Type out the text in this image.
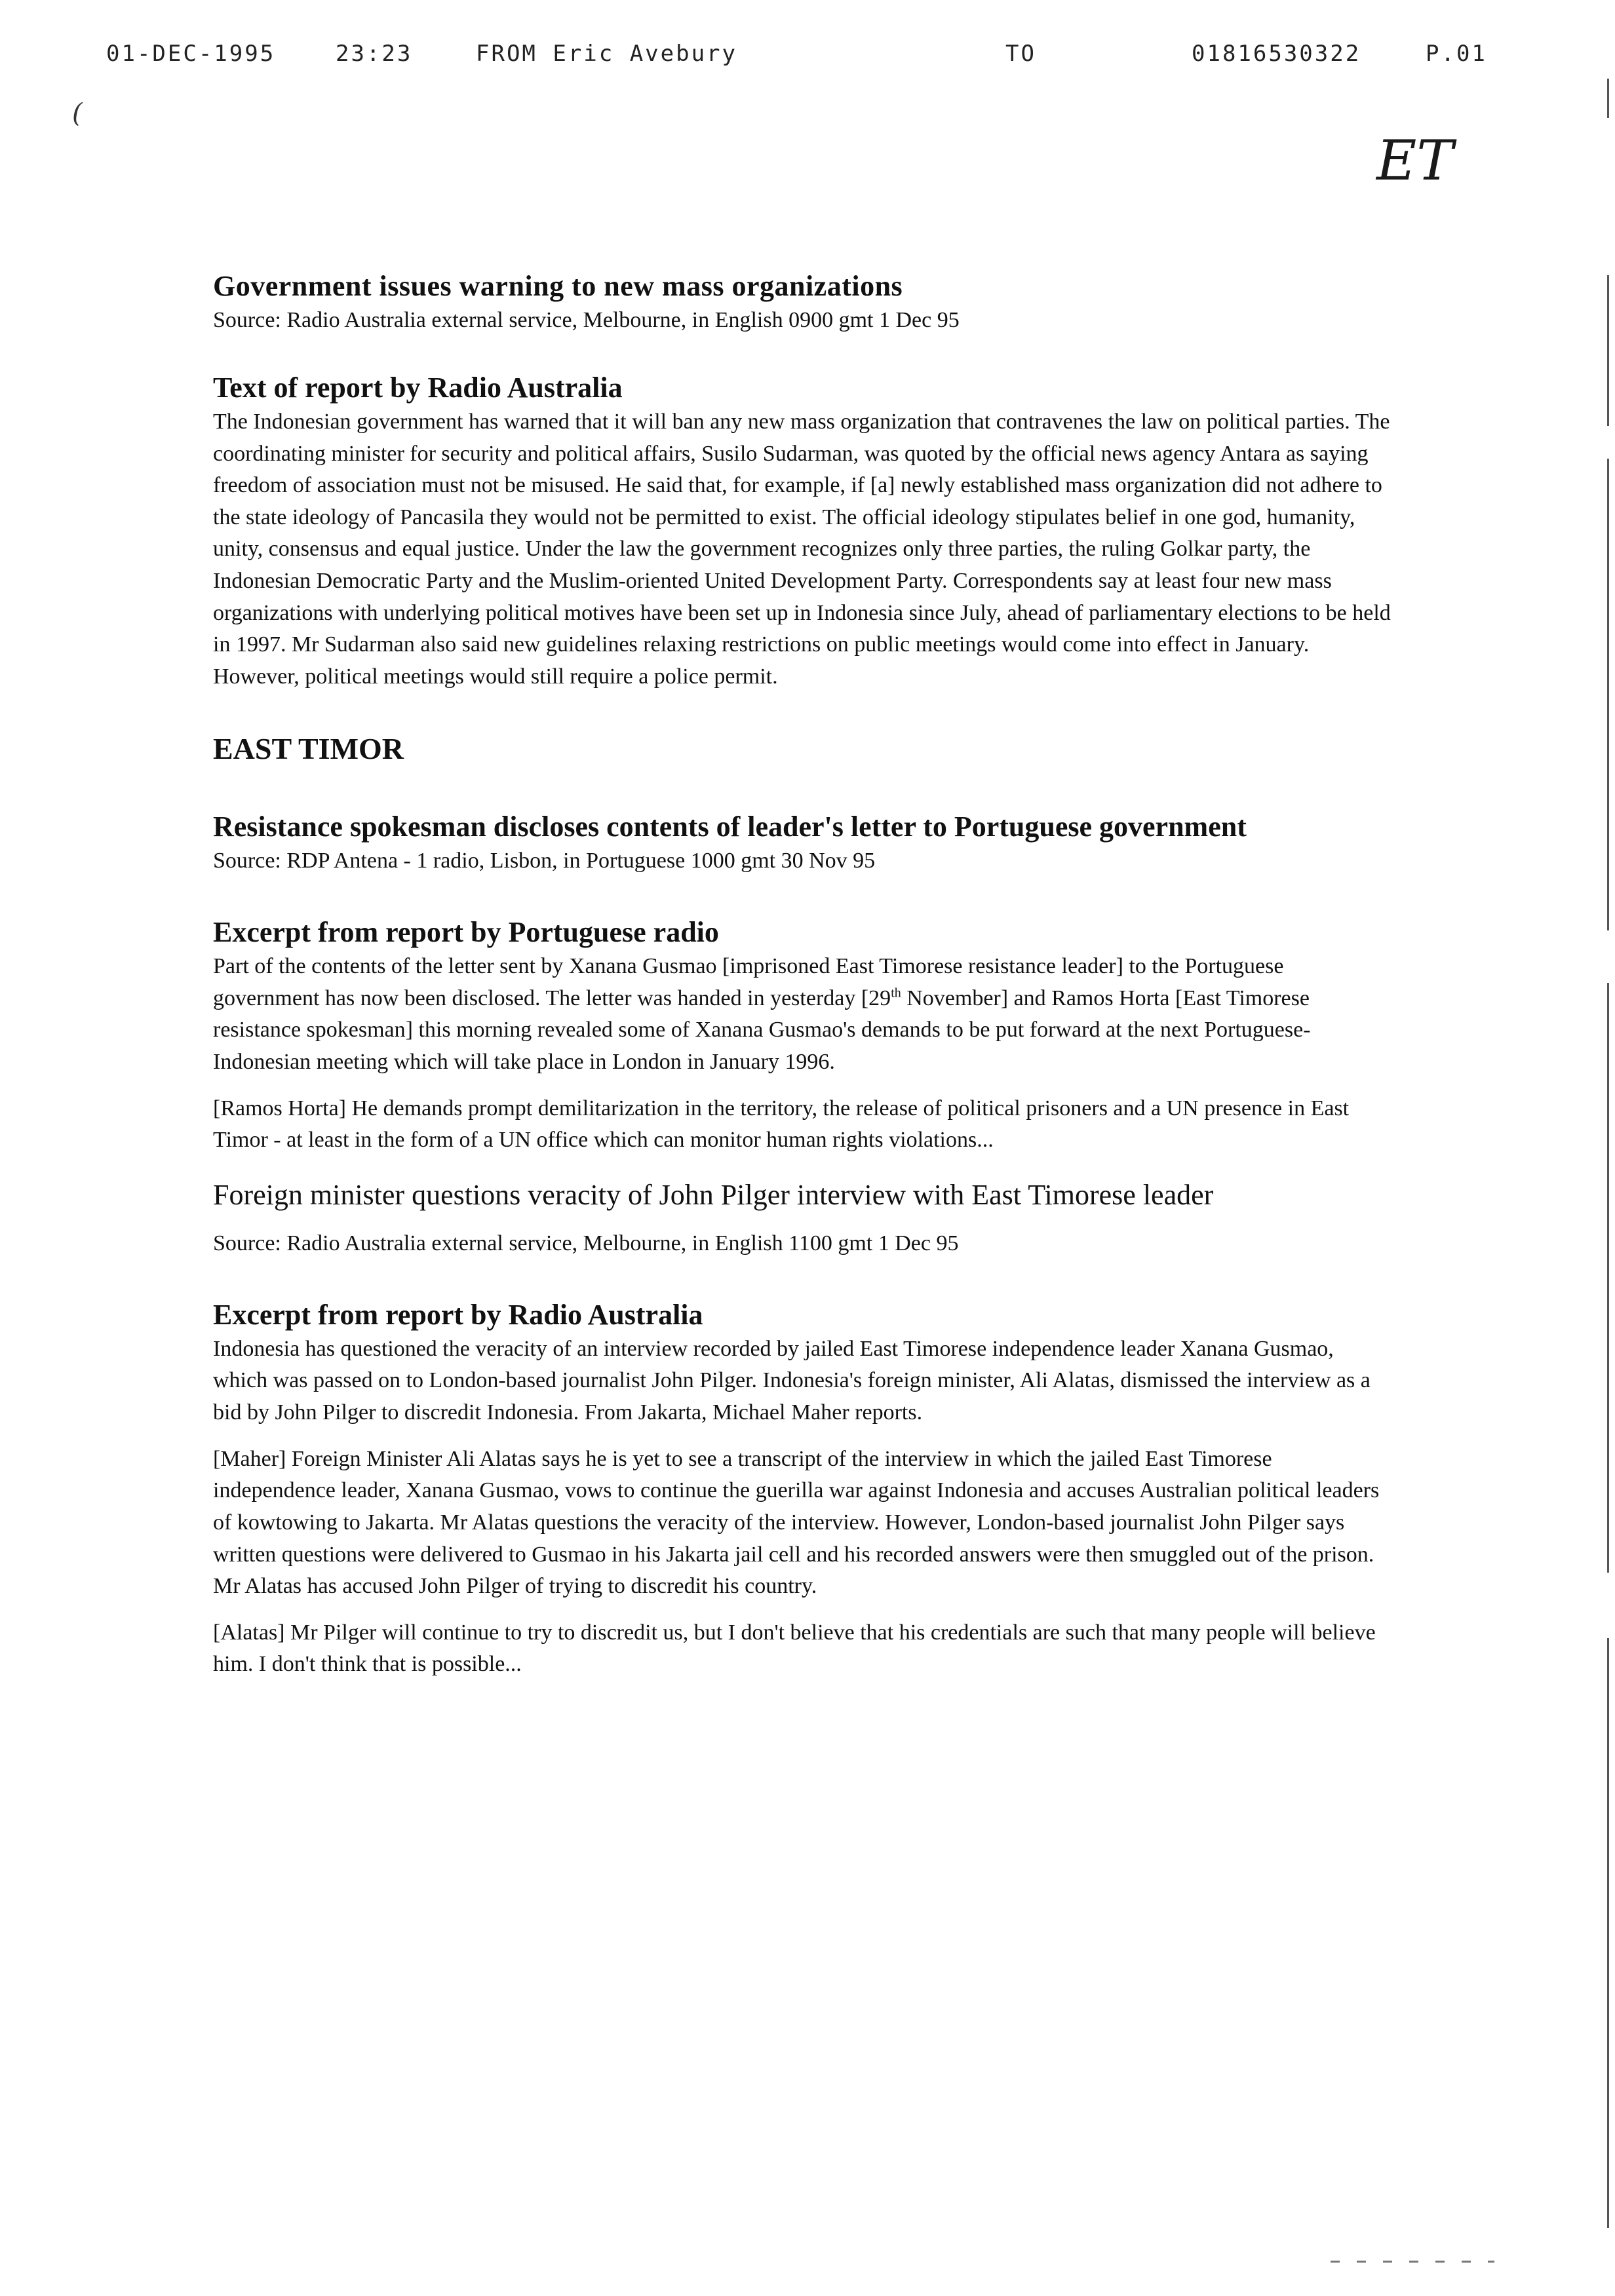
01-DEC-1995	23:23	FROM Eric Avebury	TO	01816530322	P.01
(
ET
Government issues warning to new mass organizations

Source: Radio Australia external service, Melbourne, in English 0900 gmt 1 Dec 95

Text of report by Radio Australia

The Indonesian government has warned that it will ban any new mass organization that contravenes the law on political parties. The coordinating minister for security and political affairs, Susilo Sudarman, was quoted by the official news agency Antara as saying freedom of association must not be misused. He said that, for example, if [a] newly established mass organization did not adhere to the state ideology of Pancasila they would not be permitted to exist. The official ideology stipulates belief in one god, humanity, unity, consensus and equal justice. Under the law the government recognizes only three parties, the ruling Golkar party, the Indonesian Democratic Party and the Muslim-oriented United Development Party. Correspondents say at least four new mass organizations with underlying political motives have been set up in Indonesia since July, ahead of parliamentary elections to be held in 1997. Mr Sudarman also said new guidelines relaxing restrictions on public meetings would come into effect in January. However, political meetings would still require a police permit.

EAST TIMOR
Resistance spokesman discloses contents of leader's letter to Portuguese government

Source: RDP Antena - 1 radio, Lisbon, in Portuguese 1000 gmt 30 Nov 95

Excerpt from report by Portuguese radio

Part of the contents of the letter sent by Xanana Gusmao [imprisoned East Timorese resistance leader] to the Portuguese government has now been disclosed. The letter was handed in yesterday [29th November] and Ramos Horta [East Timorese resistance spokesman] this morning revealed some of Xanana Gusmao's demands to be put forward at the next Portuguese-Indonesian meeting which will take place in London in January 1996.

[Ramos Horta] He demands prompt demilitarization in the territory, the release of political prisoners and a UN presence in East Timor - at least in the form of a UN office which can monitor human rights violations...

Foreign minister questions veracity of John Pilger interview with East Timorese leader

Source: Radio Australia external service, Melbourne, in English 1100 gmt 1 Dec 95

Excerpt from report by Radio Australia

Indonesia has questioned the veracity of an interview recorded by jailed East Timorese independence leader Xanana Gusmao, which was passed on to London-based journalist John Pilger. Indonesia's foreign minister, Ali Alatas, dismissed the interview as a bid by John Pilger to discredit Indonesia. From Jakarta, Michael Maher reports.

[Maher] Foreign Minister Ali Alatas says he is yet to see a transcript of the interview in which the jailed East Timorese independence leader, Xanana Gusmao, vows to continue the guerilla war against Indonesia and accuses Australian political leaders of kowtowing to Jakarta. Mr Alatas questions the veracity of the interview. However, London-based journalist John Pilger says written questions were delivered to Gusmao in his Jakarta jail cell and his recorded answers were then smuggled out of the prison. Mr Alatas has accused John Pilger of trying to discredit his country.

[Alatas] Mr Pilger will continue to try to discredit us, but I don't believe that his credentials are such that many people will believe him. I don't think that is possible...
